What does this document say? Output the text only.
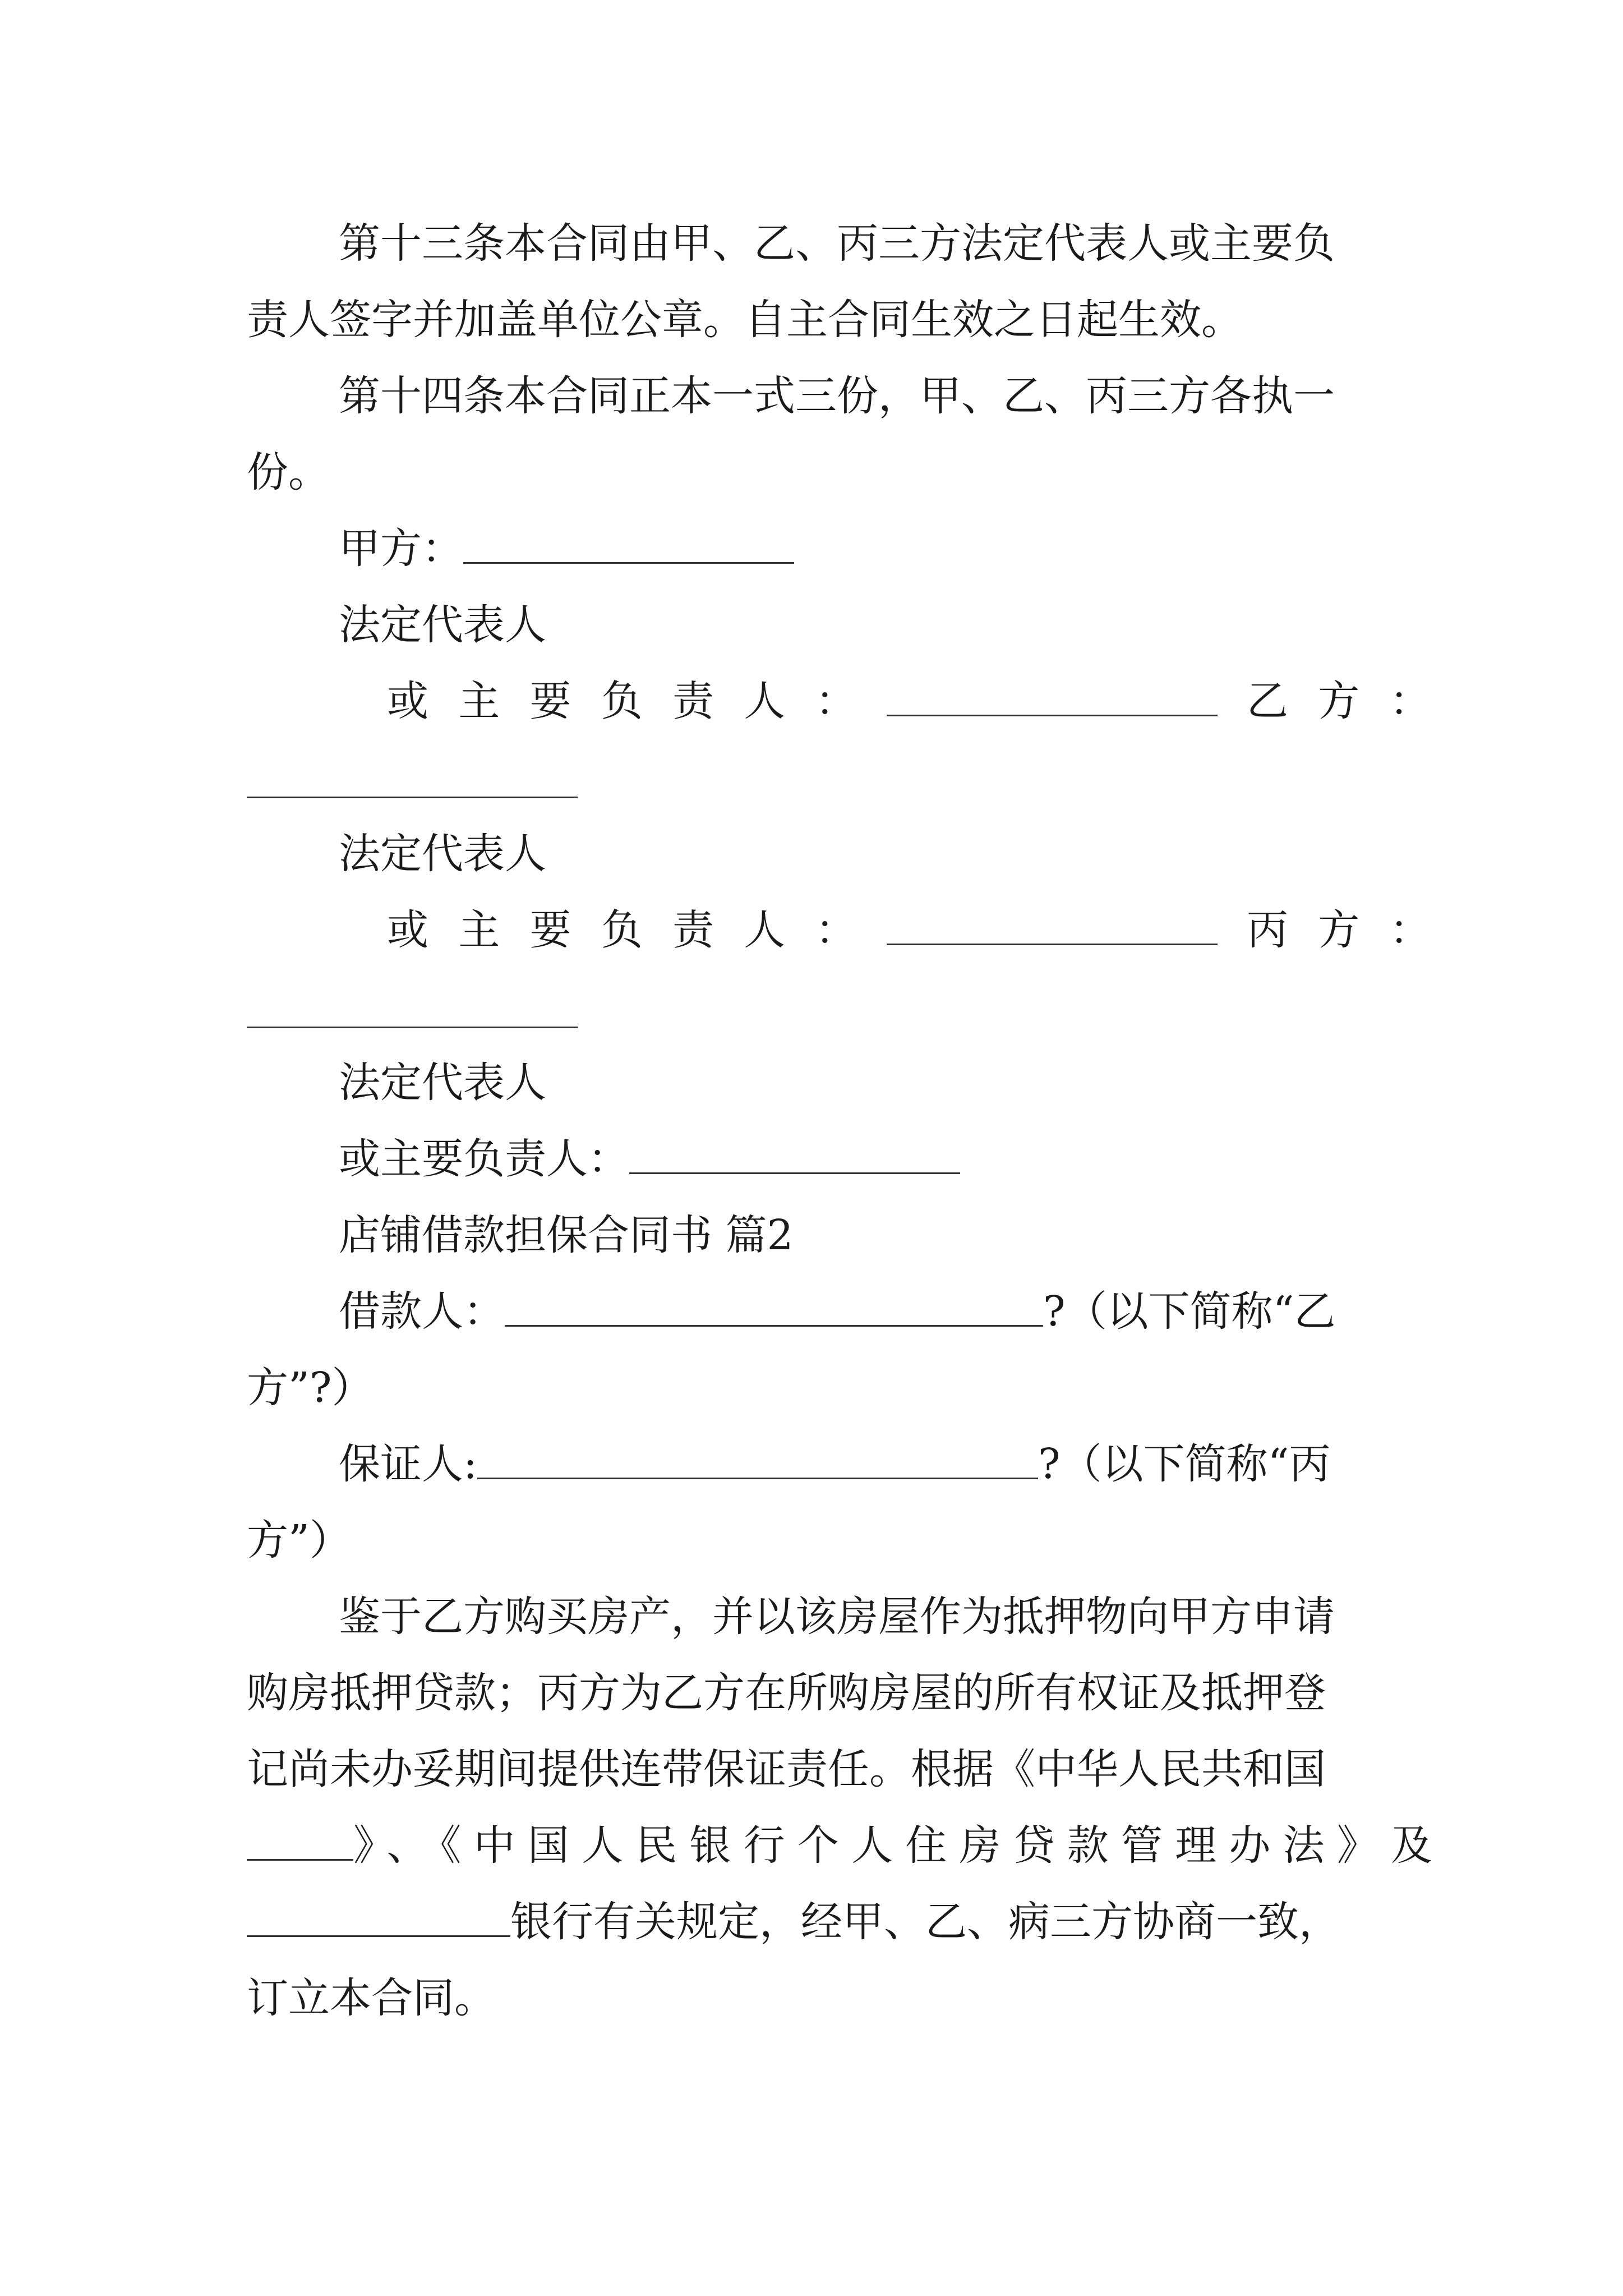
第十三条本合同由甲、乙、丙三方法定代表人或主要负
责人签字并加盖单位公章。自主合同生效之日起生效。
第十四条本合同正本一式三份，甲、乙、丙三方各执一
份。
甲方：
法定代表人
或主要负责人：	乙方：
法定代表人
或主要负责人：	丙方：
法定代表人
或主要负责人：
店铺借款担保合同书 篇2
借款人：	?（以下简称“乙
方”?）
保证人:	?（以下简称“丙
方”）
鉴于乙方购买房产，并以该房屋作为抵押物向甲方申请
购房抵押贷款；丙方为乙方在所购房屋的所有权证及抵押登
记尚未办妥期间提供连带保证责任。根据《中华人民共和国
》、《中国人民银行个人住房贷款管理办法》及
银行有关规定，经甲、乙、病三方协商一致，
订立本合同。
